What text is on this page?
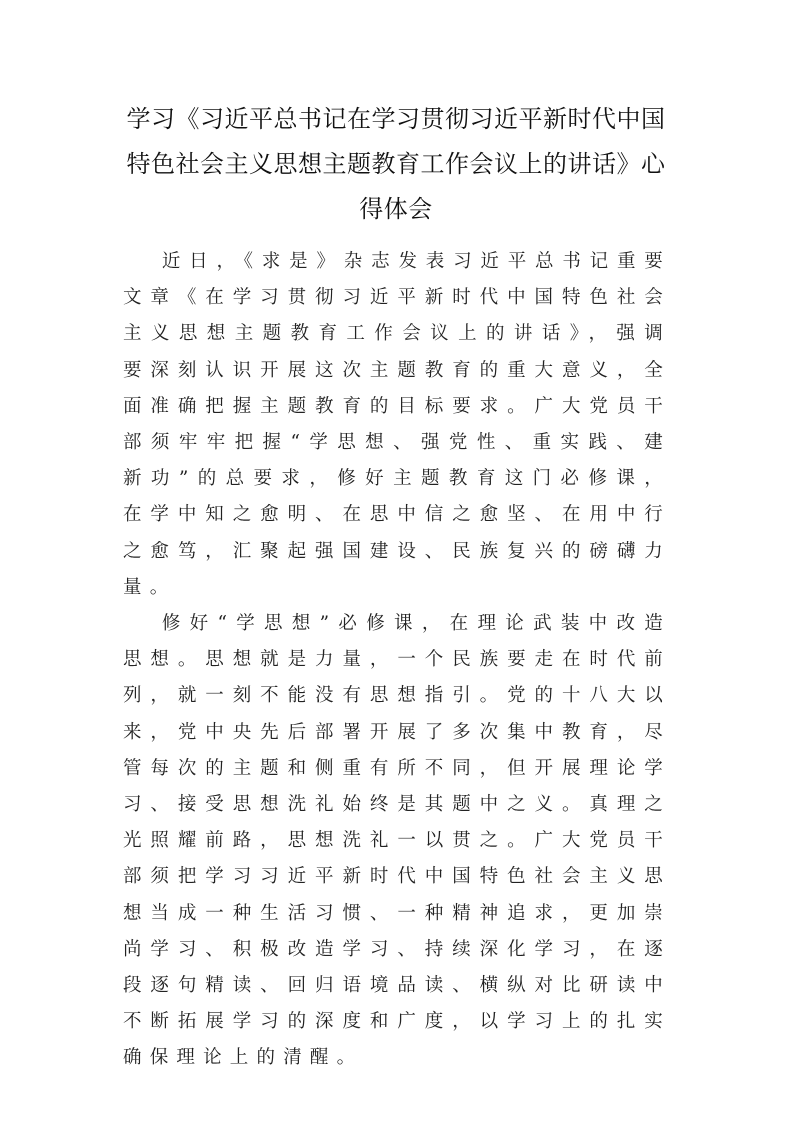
学习《习近平总书记在学习贯彻习近平新时代中国特色社会主义思想主题教育工作会议上的讲话》心得体会

近日，《求是》杂志发表习近平总书记重要文章《在学习贯彻习近平新时代中国特色社会主义思想主题教育工作会议上的讲话》，强调要深刻认识开展这次主题教育的重大意义，全面准确把握主题教育的目标要求。广大党员干部须牢牢把握“学思想、强党性、重实践、建新功”的总要求，修好主题教育这门必修课，在学中知之愈明、在思中信之愈坚、在用中行之愈笃，汇聚起强国建设、民族复兴的磅礴力量。

修好“学思想”必修课，在理论武装中改造思想。思想就是力量，一个民族要走在时代前列，就一刻不能没有思想指引。党的十八大以来，党中央先后部署开展了多次集中教育，尽管每次的主题和侧重有所不同，但开展理论学习、接受思想洗礼始终是其题中之义。真理之光照耀前路，思想洗礼一以贯之。广大党员干部须把学习习近平新时代中国特色社会主义思想当成一种生活习惯、一种精神追求，更加崇尚学习、积极改造学习、持续深化学习，在逐段逐句精读、回归语境品读、横纵对比研读中不断拓展学习的深度和广度，以学习上的扎实确保理论上的清醒。
